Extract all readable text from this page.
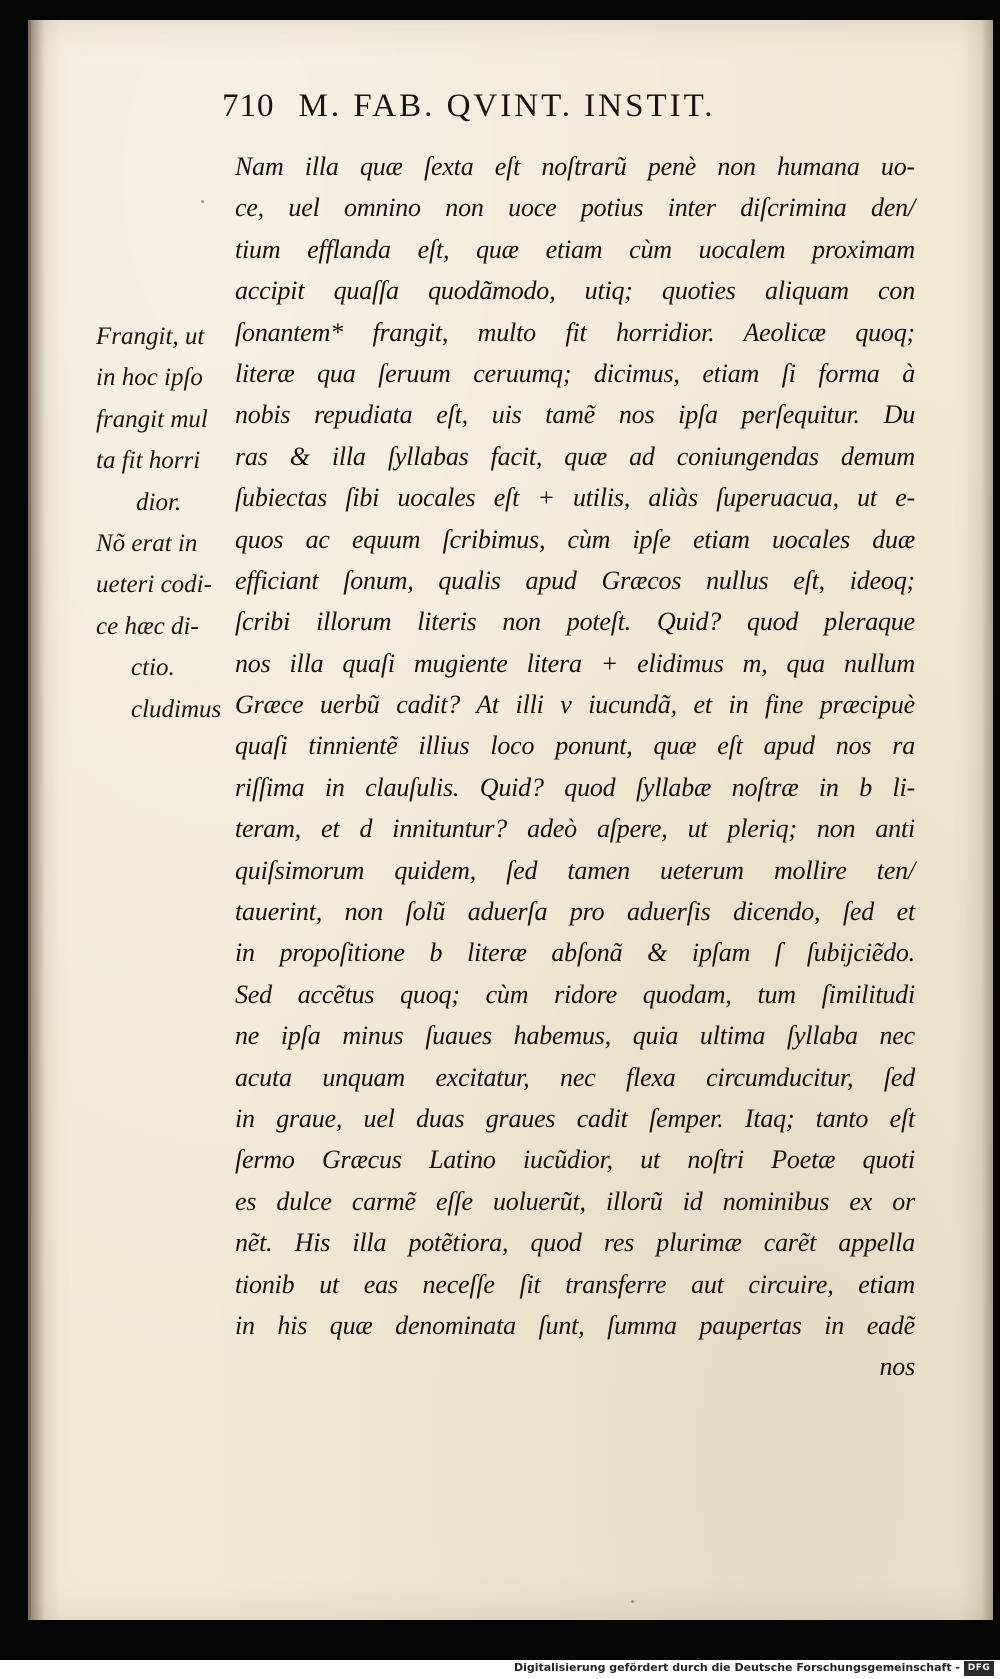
710 M. FAB. QVINT. INSTIT.
Nam illa quæ ſexta eſt noſtrarũ penè non humana uo-
ce, uel omnino non uoce potius inter diſcrimina den/
tium efflanda eſt, quæ etiam cùm uocalem proximam
accipit quaſſa quodãmodo, utiq; quoties aliquam con
ſonantem* frangit, multo fit horridior. Aeolicæ quoq;
literæ qua ſeruum ceruumq; dicimus, etiam ſi forma à
nobis repudiata eſt, uis tamẽ nos ipſa perſequitur. Du
ras & illa ſyllabas facit, quæ ad coniungendas demum
ſubiectas ſibi uocales eſt + utilis, aliàs ſuperuacua, ut e-
quos ac equum ſcribimus, cùm ipſe etiam uocales duæ
efficiant ſonum, qualis apud Græcos nullus eſt, ideoq;
ſcribi illorum literis non poteſt. Quid? quod pleraque
nos illa quaſi mugiente litera + elidimus m, qua nullum
Græce uerbũ cadit? At illi ν iucundã, et in fine præcipuè
quaſi tinnientẽ illius loco ponunt, quæ eſt apud nos ra
riſſima in clauſulis. Quid? quod ſyllabæ noſtræ in b li-
teram, et d innituntur? adeò aſpere, ut pleriq; non anti
quiſsimorum quidem, ſed tamen ueterum mollire ten/
tauerint, non ſolũ aduerſa pro aduerſis dicendo, ſed et
in propoſitione b literæ abſonã & ipſam ſ ſubijciẽdo.
Sed accẽtus quoq; cùm ridore quodam, tum ſimilitudi
ne ipſa minus ſuaues habemus, quia ultima ſyllaba nec
acuta unquam excitatur, nec flexa circumducitur, ſed
in graue, uel duas graues cadit ſemper. Itaq; tanto eſt
ſermo Græcus Latino iucũdior, ut noſtri Poetæ quoti
es dulce carmẽ eſſe uoluerũt, illorũ id nominibus ex or
nẽt. His illa potẽtiora, quod res plurimæ carẽt appella
tionib ut eas neceſſe ſit transferre aut circuire, etiam
in his quæ denominata ſunt, ſumma paupertas in eadẽ
nos
Frangit, ut
in hoc ipſo
frangit mul
ta fit horri
dior.
Nõ erat in
ueteri codi-
ce hæc di-
ctio.
cludimus
Digitalisierung gefördert durch die Deutsche Forschungsgemeinschaft - DFG
